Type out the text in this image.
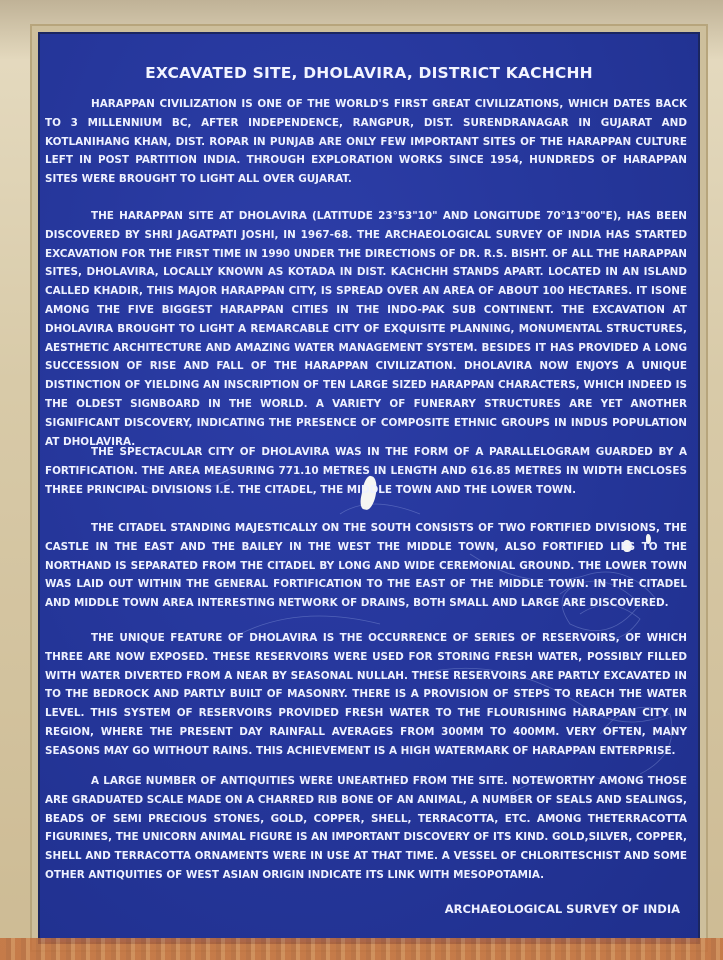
EXCAVATED SITE, DHOLAVIRA, DISTRICT KACHCHH

HARAPPAN CIVILIZATION IS ONE OF THE WORLD'S FIRST GREAT CIVILIZATIONS, WHICH DATES BACK TO 3 MILLENNIUM BC, AFTER INDEPENDENCE, RANGPUR, DIST. SURENDRANAGAR IN GUJARAT AND KOTLANIHANG KHAN, DIST. ROPAR IN PUNJAB ARE ONLY FEW IMPORTANT SITES OF THE HARAPPAN CULTURE LEFT IN POST PARTITION INDIA. THROUGH EXPLORATION WORKS SINCE 1954, HUNDREDS OF HARAPPAN SITES WERE BROUGHT TO LIGHT ALL OVER GUJARAT.

THE HARAPPAN SITE AT DHOLAVIRA (LATITUDE 23°53"10" AND LONGITUDE 70°13"00"E), HAS BEEN DISCOVERED BY SHRI JAGATPATI JOSHI, IN 1967-68. THE ARCHAEOLOGICAL SURVEY OF INDIA HAS STARTED EXCAVATION FOR THE FIRST TIME IN 1990 UNDER THE DIRECTIONS OF DR. R.S. BISHT. OF ALL THE HARAPPAN SITES, DHOLAVIRA, LOCALLY KNOWN AS KOTADA IN DIST. KACHCHH STANDS APART. LOCATED IN AN ISLAND CALLED KHADIR, THIS MAJOR HARAPPAN CITY, IS SPREAD OVER AN AREA OF ABOUT 100 HECTARES. IT ISONE AMONG THE FIVE BIGGEST HARAPPAN CITIES IN THE INDO-PAK SUB CONTINENT. THE EXCAVATION AT DHOLAVIRA BROUGHT TO LIGHT A REMARCABLE CITY OF EXQUISITE PLANNING, MONUMENTAL STRUCTURES, AESTHETIC ARCHITECTURE AND AMAZING WATER MANAGEMENT SYSTEM. BESIDES IT HAS PROVIDED A LONG SUCCESSION OF RISE AND FALL OF THE HARAPPAN CIVILIZATION. DHOLAVIRA NOW ENJOYS A UNIQUE DISTINCTION OF YIELDING AN INSCRIPTION OF TEN LARGE SIZED HARAPPAN CHARACTERS, WHICH INDEED IS THE OLDEST SIGNBOARD IN THE WORLD. A VARIETY OF FUNERARY STRUCTURES ARE YET ANOTHER SIGNIFICANT DISCOVERY, INDICATING THE PRESENCE OF COMPOSITE ETHNIC GROUPS IN INDUS POPULATION AT DHOLAVIRA.

THE SPECTACULAR CITY OF DHOLAVIRA WAS IN THE FORM OF A PARALLELOGRAM GUARDED BY A FORTIFICATION. THE AREA MEASURING 771.10 METRES IN LENGTH AND 616.85 METRES IN WIDTH ENCLOSES THREE PRINCIPAL DIVISIONS I.E. THE CITADEL, THE MIDDLE TOWN AND THE LOWER TOWN.

THE CITADEL STANDING MAJESTICALLY ON THE SOUTH CONSISTS OF TWO FORTIFIED DIVISIONS, THE CASTLE IN THE EAST AND THE BAILEY IN THE WEST THE MIDDLE TOWN, ALSO FORTIFIED LIES TO THE NORTHAND IS SEPARATED FROM THE CITADEL BY LONG AND WIDE CEREMONIAL GROUND. THE LOWER TOWN WAS LAID OUT WITHIN THE GENERAL FORTIFICATION TO THE EAST OF THE MIDDLE TOWN. IN THE CITADEL AND MIDDLE TOWN AREA INTERESTING NETWORK OF DRAINS, BOTH SMALL AND LARGE ARE DISCOVERED.

THE UNIQUE FEATURE OF DHOLAVIRA IS THE OCCURRENCE OF SERIES OF RESERVOIRS, OF WHICH THREE ARE NOW EXPOSED. THESE RESERVOIRS WERE USED FOR STORING FRESH WATER, POSSIBLY FILLED WITH WATER DIVERTED FROM A NEAR BY SEASONAL NULLAH. THESE RESERVOIRS ARE PARTLY EXCAVATED IN TO THE BEDROCK AND PARTLY BUILT OF MASONRY. THERE IS A PROVISION OF STEPS TO REACH THE WATER LEVEL. THIS SYSTEM OF RESERVOIRS PROVIDED FRESH WATER TO THE FLOURISHING HARAPPAN CITY IN REGION, WHERE THE PRESENT DAY RAINFALL AVERAGES FROM 300MM TO 400MM. VERY OFTEN, MANY SEASONS MAY GO WITHOUT RAINS. THIS ACHIEVEMENT IS A HIGH WATERMARK OF HARAPPAN ENTERPRISE.

A LARGE NUMBER OF ANTIQUITIES WERE UNEARTHED FROM THE SITE. NOTEWORTHY AMONG THOSE ARE GRADUATED SCALE MADE ON A CHARRED RIB BONE OF AN ANIMAL, A NUMBER OF SEALS AND SEALINGS, BEADS OF SEMI PRECIOUS STONES, GOLD, COPPER, SHELL, TERRACOTTA, ETC. AMONG THETERRACOTTA FIGURINES, THE UNICORN ANIMAL FIGURE IS AN IMPORTANT DISCOVERY OF ITS KIND. GOLD,SILVER, COPPER, SHELL AND TERRACOTTA ORNAMENTS WERE IN USE AT THAT TIME. A VESSEL OF CHLORITESCHIST AND SOME OTHER ANTIQUITIES OF WEST ASIAN ORIGIN INDICATE ITS LINK WITH MESOPOTAMIA.

ARCHAEOLOGICAL SURVEY OF INDIA
